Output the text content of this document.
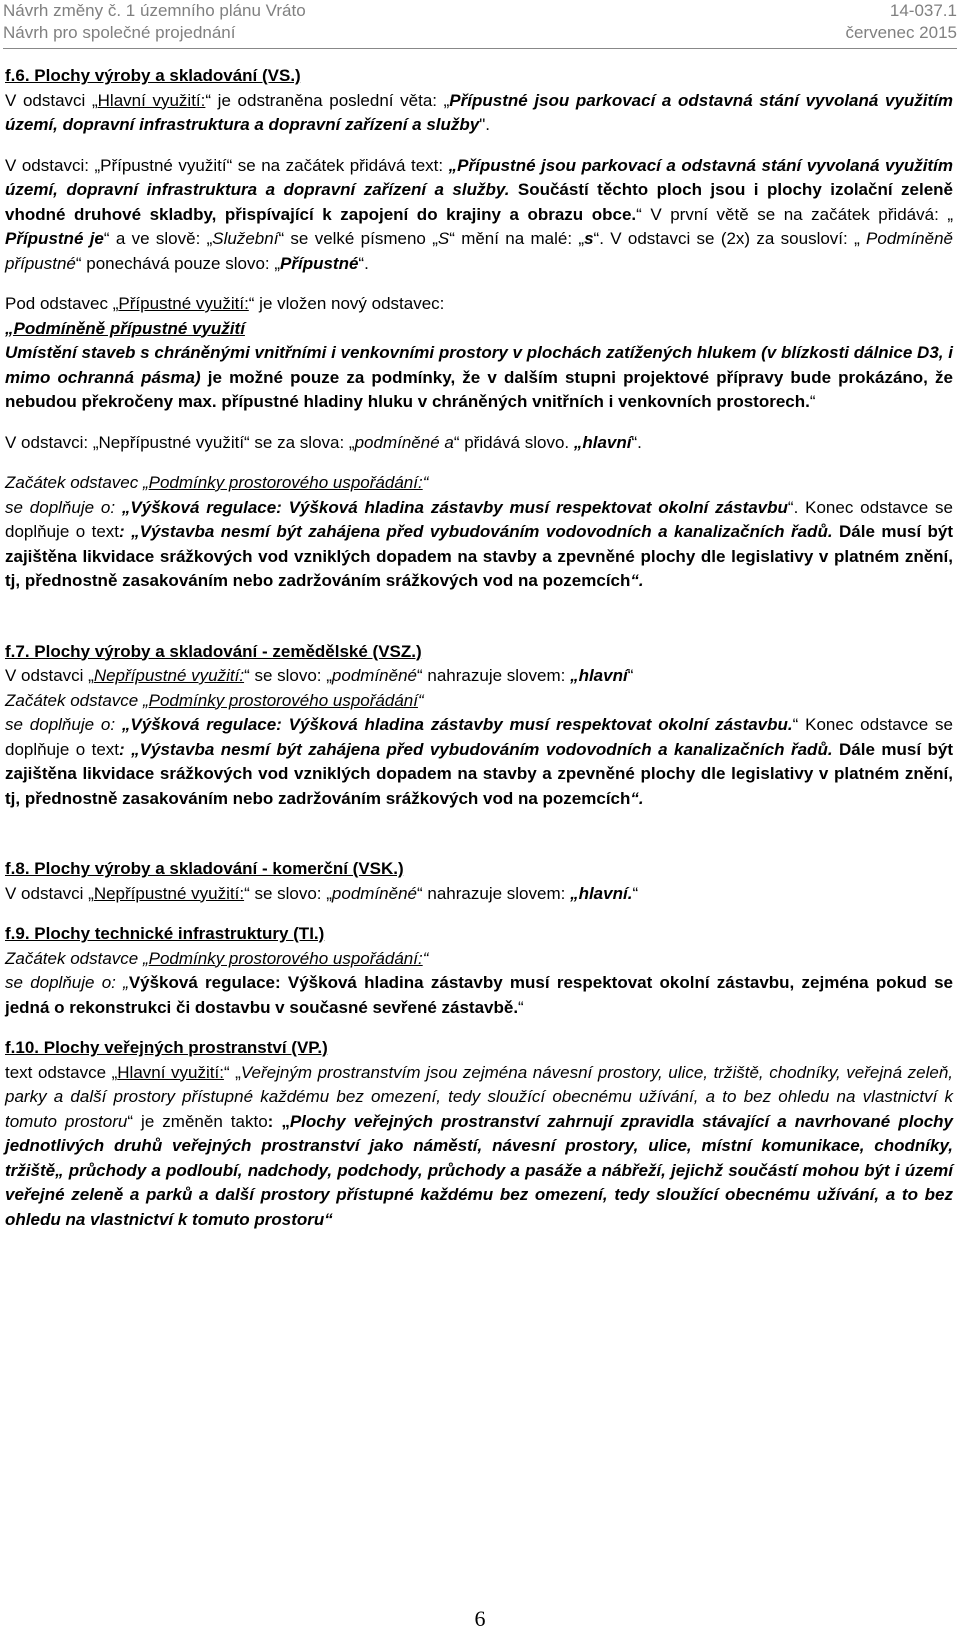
Návrh změny č. 1 územního plánu Vráto	14-037.1
Návrh pro společné projednání	červenec 2015

f.6. Plochy výroby a skladování (VS.)

V odstavci „Hlavní využití:“ je odstraněna poslední věta: „Přípustné jsou parkovací a odstavná stání vyvolaná využitím území, dopravní infrastruktura a dopravní zařízení a služby".

V odstavci: „Přípustné využití“ se na začátek přidává text: „Přípustné jsou parkovací a odstavná stání vyvolaná využitím území, dopravní infrastruktura a dopravní zařízení a služby. Součástí těchto ploch jsou i plochy izolační zeleně vhodné druhové skladby, přispívající k zapojení do krajiny a obrazu obce.“ V první větě se na začátek přidává: „ Přípustné je“ a ve slově: „Služební“ se velké písmeno „S“ mění na malé: „s“. V odstavci se (2x) za sousloví: „ Podmíněně přípustné“ ponechává pouze slovo: „Přípustné“.

Pod odstavec „Přípustné využití:“ je vložen nový odstavec:

„Podmíněně přípustné využití

Umístění staveb s chráněnými vnitřními i venkovními prostory v plochách zatížených hlukem (v blízkosti dálnice D3, i mimo ochranná pásma) je možné pouze za podmínky, že v dalším stupni projektové přípravy bude prokázáno, že nebudou překročeny max. přípustné hladiny hluku v chráněných vnitřních i venkovních prostorech.“

V odstavci: „Nepřípustné využití“ se za slova: „podmíněné a“ přidává slovo. „hlavní“.

Začátek odstavec „Podmínky prostorového uspořádání:“

se doplňuje o: „Výšková regulace: Výšková hladina zástavby musí respektovat okolní zástavbu“. Konec odstavce se doplňuje o text: „Výstavba nesmí být zahájena před vybudováním vodovodních a kanalizačních řadů. Dále musí být zajištěna likvidace srážkových vod vzniklých dopadem na stavby a zpevněné plochy dle legislativy v platném znění, tj, přednostně zasakováním nebo zadržováním srážkových vod na pozemcích“.

f.7. Plochy výroby a skladování - zemědělské (VSZ.)

V odstavci „Nepřípustné využití:“ se slovo: „podmíněné“ nahrazuje slovem: „hlavní“

Začátek odstavce „Podmínky prostorového uspořádání“

se doplňuje o: „Výšková regulace: Výšková hladina zástavby musí respektovat okolní zástavbu.“ Konec odstavce se doplňuje o text: „Výstavba nesmí být zahájena před vybudováním vodovodních a kanalizačních řadů. Dále musí být zajištěna likvidace srážkových vod vzniklých dopadem na stavby a zpevněné plochy dle legislativy v platném znění, tj, přednostně zasakováním nebo zadržováním srážkových vod na pozemcích“.

f.8. Plochy výroby a skladování - komerční (VSK.)

V odstavci „Nepřípustné využití:“ se slovo: „podmíněné“ nahrazuje slovem: „hlavní.“

f.9. Plochy technické infrastruktury (TI.)

Začátek odstavce „Podmínky prostorového uspořádání:“

se doplňuje o: „Výšková regulace: Výšková hladina zástavby musí respektovat okolní zástavbu, zejména pokud se jedná o rekonstrukci či dostavbu v současné sevřené zástavbě.“

f.10. Plochy veřejných prostranství (VP.)

text odstavce „Hlavní využití:“ „Veřejným prostranstvím jsou zejména návesní prostory, ulice, tržiště, chodníky, veřejná zeleň, parky a další prostory přístupné každému bez omezení, tedy sloužící obecnému užívání, a to bez ohledu na vlastnictví k tomuto prostoru“ je změněn takto: „Plochy veřejných prostranství zahrnují zpravidla stávající a navrhované plochy jednotlivých druhů veřejných prostranství jako náměstí, návesní prostory, ulice, místní komunikace, chodníky, tržiště„ průchody a podloubí, nadchody, podchody, průchody a pasáže a nábřeží, jejichž součástí mohou být i území veřejné zeleně a parků a další prostory přístupné každému bez omezení, tedy sloužící obecnému užívání, a to bez ohledu na vlastnictví k tomuto prostoru“

6
